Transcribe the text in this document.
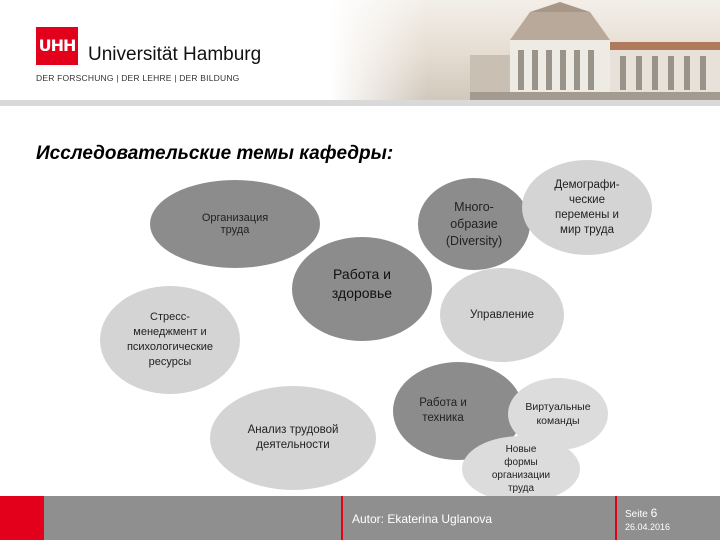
UHH Universität Hamburg
DER FORSCHUNG | DER LEHRE | DER BILDUNG
Исследовательские темы кафедры:
Организация
труда
Много-
образие
(Diversity)
Демографи-
ческие
перемены и
мир труда
Работа и
здоровье
Управление
Стресс-
менеджмент и
психологические
ресурсы
Анализ трудовой
деятельности
Работа и
техника
Виртуальные
команды
Новые
формы
организации
труда
Autor: Ekaterina Uglanova	Seite 6
26.04.2016
